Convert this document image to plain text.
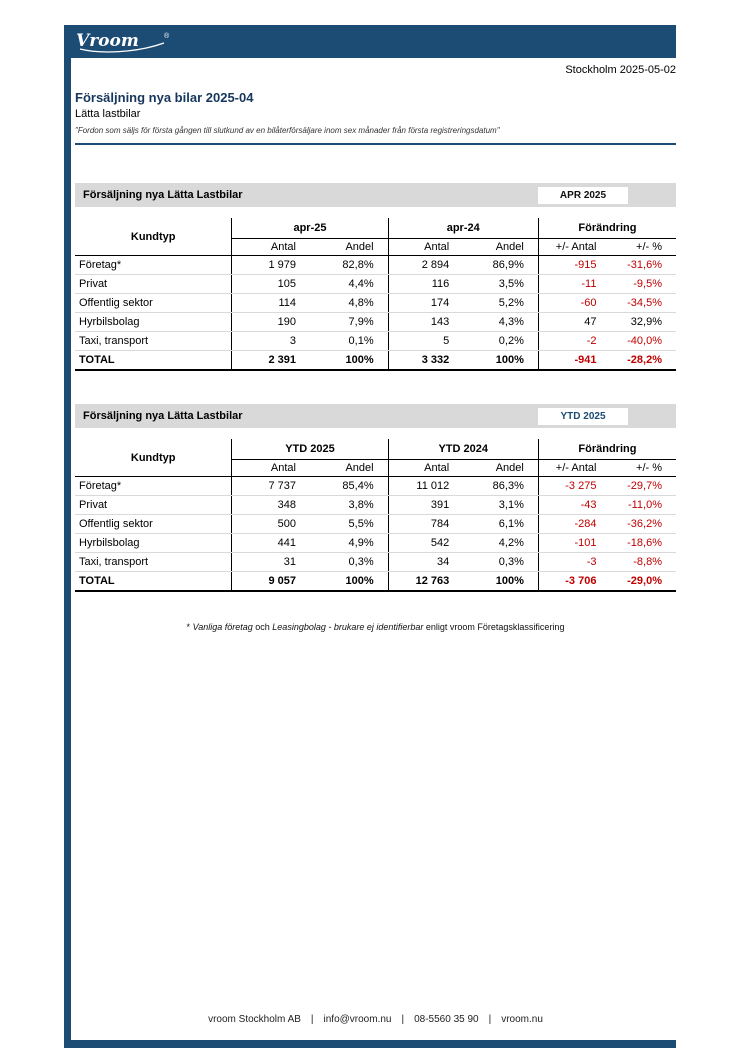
Vroom	®
Stockholm 2025-05-02
Försäljning nya bilar 2025-04
Lätta lastbilar
"Fordon som säljs för första gången till slutkund av en bilåterförsäljare inom sex månader från första registreringsdatum"
Försäljning nya Lätta Lastbilar	APR 2025
Kundtyp	apr-25		apr-24		Förändring	
	Antal	Andel	Antal	Andel	+/- Antal	+/- %
Företag*	1 979	82,8%	2 894	86,9%	-915	-31,6%
Privat	105	4,4%	116	3,5%	-11	-9,5%
Offentlig sektor	114	4,8%	174	5,2%	-60	-34,5%
Hyrbilsbolag	190	7,9%	143	4,3%	47	32,9%
Taxi, transport	3	0,1%	5	0,2%	-2	-40,0%
TOTAL	2 391	100%	3 332	100%	-941	-28,2%
Försäljning nya Lätta Lastbilar	YTD 2025
Kundtyp	YTD 2025		YTD 2024		Förändring	
	Antal	Andel	Antal	Andel	+/- Antal	+/- %
Företag*	7 737	85,4%	11 012	86,3%	-3 275	-29,7%
Privat	348	3,8%	391	3,1%	-43	-11,0%
Offentlig sektor	500	5,5%	784	6,1%	-284	-36,2%
Hyrbilsbolag	441	4,9%	542	4,2%	-101	-18,6%
Taxi, transport	31	0,3%	34	0,3%	-3	-8,8%
TOTAL	9 057	100%	12 763	100%	-3 706	-29,0%
* Vanliga företag och Leasingbolag - brukare ej identifierbar enligt vroom Företagsklassificering
vroom Stockholm AB | info@vroom.nu | 08-5560 35 90 | vroom.nu
